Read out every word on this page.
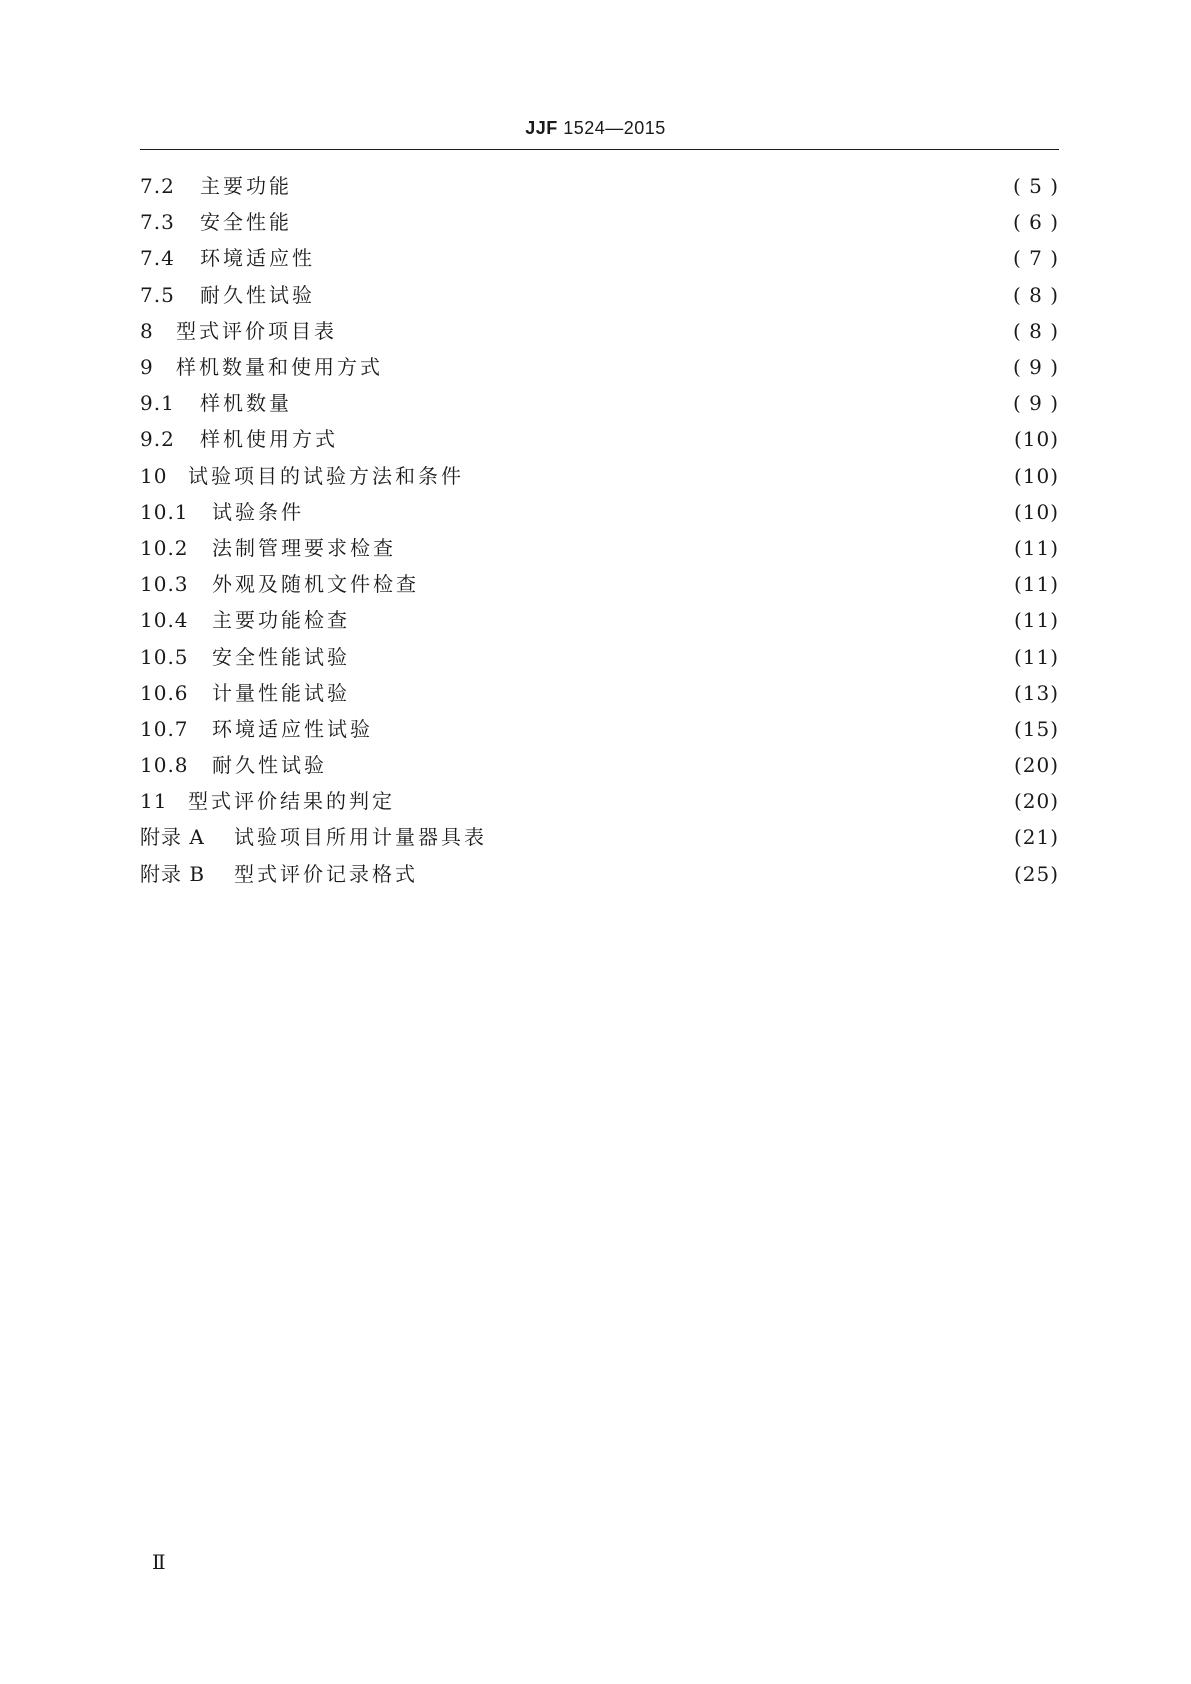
JJF 1524—2015
7.2	主要功能	( 5 )
7.3	安全性能	( 6 )
7.4	环境适应性	( 7 )
7.5	耐久性试验	( 8 )
8	型式评价项目表	( 8 )
9	样机数量和使用方式	( 9 )
9.1	样机数量	( 9 )
9.2	样机使用方式	(10)
10	试验项目的试验方法和条件	(10)
10.1	试验条件	(10)
10.2	法制管理要求检查	(11)
10.3	外观及随机文件检查	(11)
10.4	主要功能检查	(11)
10.5	安全性能试验	(11)
10.6	计量性能试验	(13)
10.7	环境适应性试验	(15)
10.8	耐久性试验	(20)
11	型式评价结果的判定	(20)
附录 A	试验项目所用计量器具表	(21)
附录 B	型式评价记录格式	(25)
Ⅱ
